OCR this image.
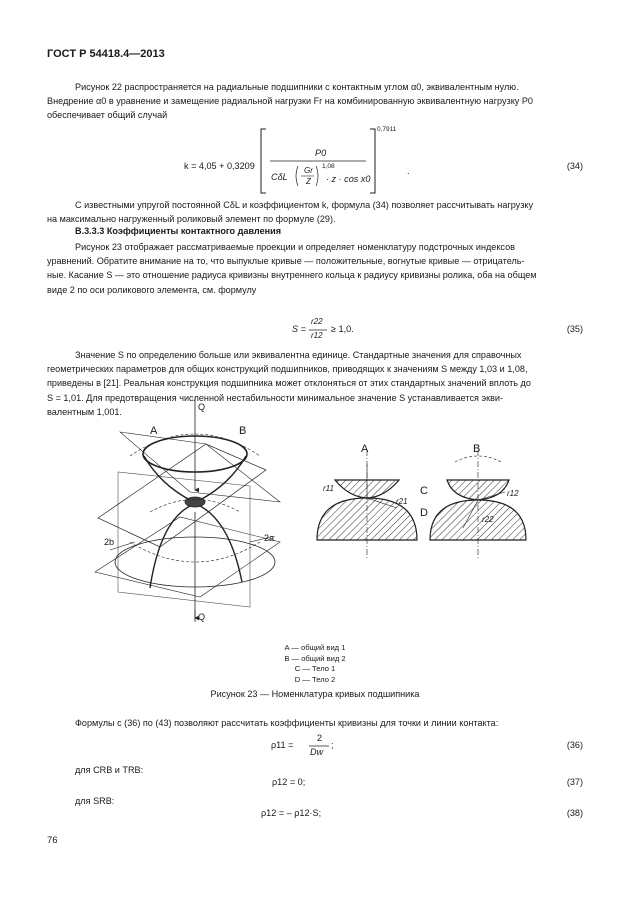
ГОСТ Р 54418.4—2013

Рисунок 22 распространяется на радиальные подшипники с контактным углом α0, эквивалентным нулю.

Внедрение α0 в уравнение и замещение радиальной нагрузки Fr на комбинированную эквивалентную нагрузку P0
обеспечивает общий случай
k = 4,05 + 0,3209
- 0,7911
P0
CδL
Gr
Z
1,08
· z · cos x0
.	(34)

С известными упругой постоянной CδL и коэффициентом k, формула (34) позволяет рассчитывать нагрузку

на максимально нагруженный роликовый элемент по формуле (29).
В.3.3.3 Коэффициенты контактного давления

Рисунок 23 отображает рассматриваемые проекции и определяет номенклатуру подстрочных индексов

уравнений. Обратите внимание на то, что выпуклые кривые — положительные, вогнутые кривые — отрицатель-
ные. Касание S — это отношение радиуса кривизны внутреннего кольца к радиусу кривизны ролика, оба на общем
виде 2 по оси роликового элемента, см. формулу
S =
r22
r12
≥ 1,0.	(35)

Значение S по определению больше или эквивалентна единице. Стандартные значения для справочных

геометрических параметров для общих конструкций подшипников, приводящих к значениям S между 1,03 и 1,08,
приведены в [21]. Реальная конструкция подшипника может отклоняться от этих стандартных значений вплоть до
S = 1,01. Для предотвращения численной нестабильности минимальное значение S устанавливается экви-
валентным 1,001.	Q
Q
A	B
2b	2a
A	B
C
D
r11
r21
r12
r22
A — общий вид 1
B — общий вид 2
C — Тело 1
D — Тело 2
Рисунок 23 — Номенклатура кривых подшипника

Формулы с (36) по (43) позволяют рассчитать коэффициенты кривизны для точки и линии контакта:

ρ11 =
2
Dw
;	(36)
для CRB и TRB:
ρ12 = 0;	(37)
для SRB:
ρ12 = – ρ12·S;	(38)
76
